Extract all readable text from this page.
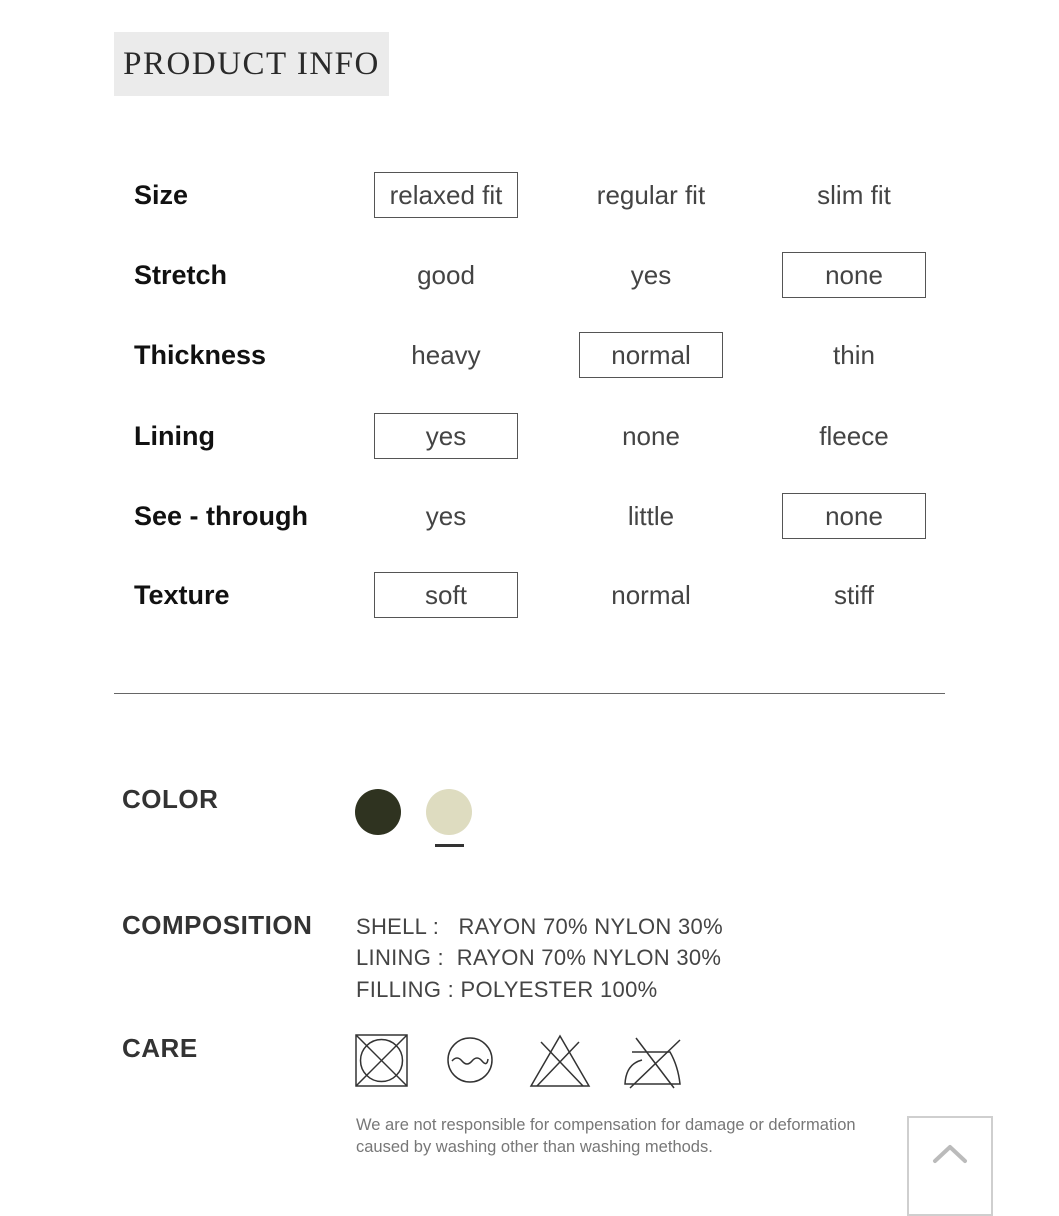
PRODUCT INFO
Size	relaxed fit	regular fit	slim fit
Stretch	good	yes	none
Thickness	heavy	normal	thin
Lining	yes	none	fleece
See - through	yes	little	none
Texture	soft	normal	stiff
COLOR
COMPOSITION SHELL :   RAYON 70% NYLON 30%
LINING :  RAYON 70% NYLON 30%
FILLING : POLYESTER 100%
CARE
We are not responsible for compensation for damage or deformation
caused by washing other than washing methods.
